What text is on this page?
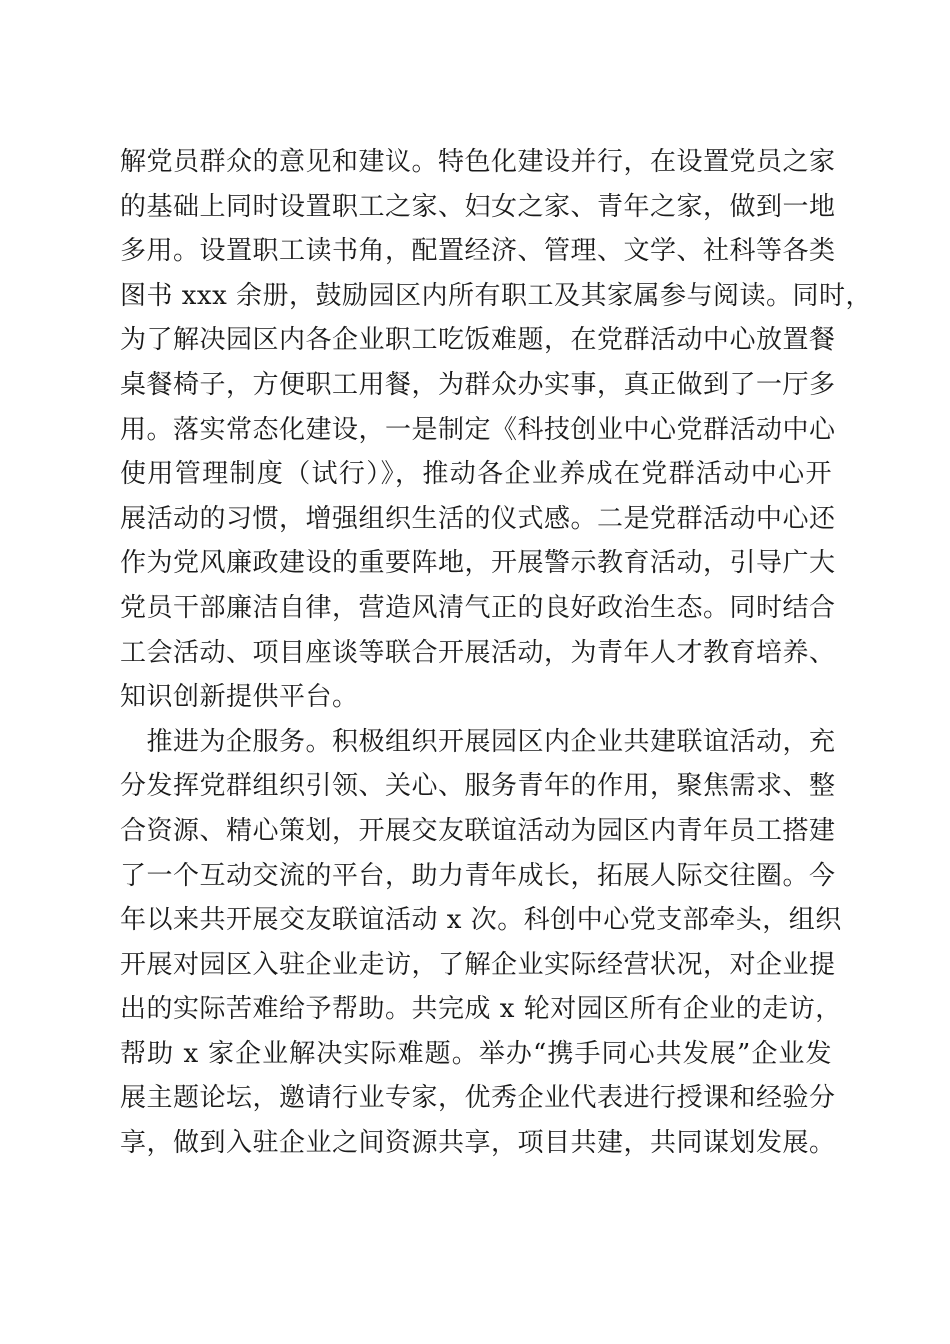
解党员群众的意见和建议。特色化建设并行，在设置党员之家
的基础上同时设置职工之家、妇女之家、青年之家，做到一地
多用。设置职工读书角，配置经济、管理、文学、社科等各类
图书 xxx 余册，鼓励园区内所有职工及其家属参与阅读。同时，
为了解决园区内各企业职工吃饭难题，在党群活动中心放置餐
桌餐椅子，方便职工用餐，为群众办实事，真正做到了一厅多
用。落实常态化建设，一是制定《科技创业中心党群活动中心
使用管理制度（试行）》，推动各企业养成在党群活动中心开
展活动的习惯，增强组织生活的仪式感。二是党群活动中心还
作为党风廉政建设的重要阵地，开展警示教育活动，引导广大
党员干部廉洁自律，营造风清气正的良好政治生态。同时结合
工会活动、项目座谈等联合开展活动，为青年人才教育培养、
知识创新提供平台。
　推进为企服务。积极组织开展园区内企业共建联谊活动，充
分发挥党群组织引领、关心、服务青年的作用，聚焦需求、整
合资源、精心策划，开展交友联谊活动为园区内青年员工搭建
了一个互动交流的平台，助力青年成长，拓展人际交往圈。今
年以来共开展交友联谊活动 x 次。科创中心党支部牵头，组织
开展对园区入驻企业走访，了解企业实际经营状况，对企业提
出的实际苦难给予帮助。共完成 x 轮对园区所有企业的走访，
帮助 x 家企业解决实际难题。举办“携手同心共发展”企业发
展主题论坛，邀请行业专家，优秀企业代表进行授课和经验分
享，做到入驻企业之间资源共享，项目共建，共同谋划发展。
